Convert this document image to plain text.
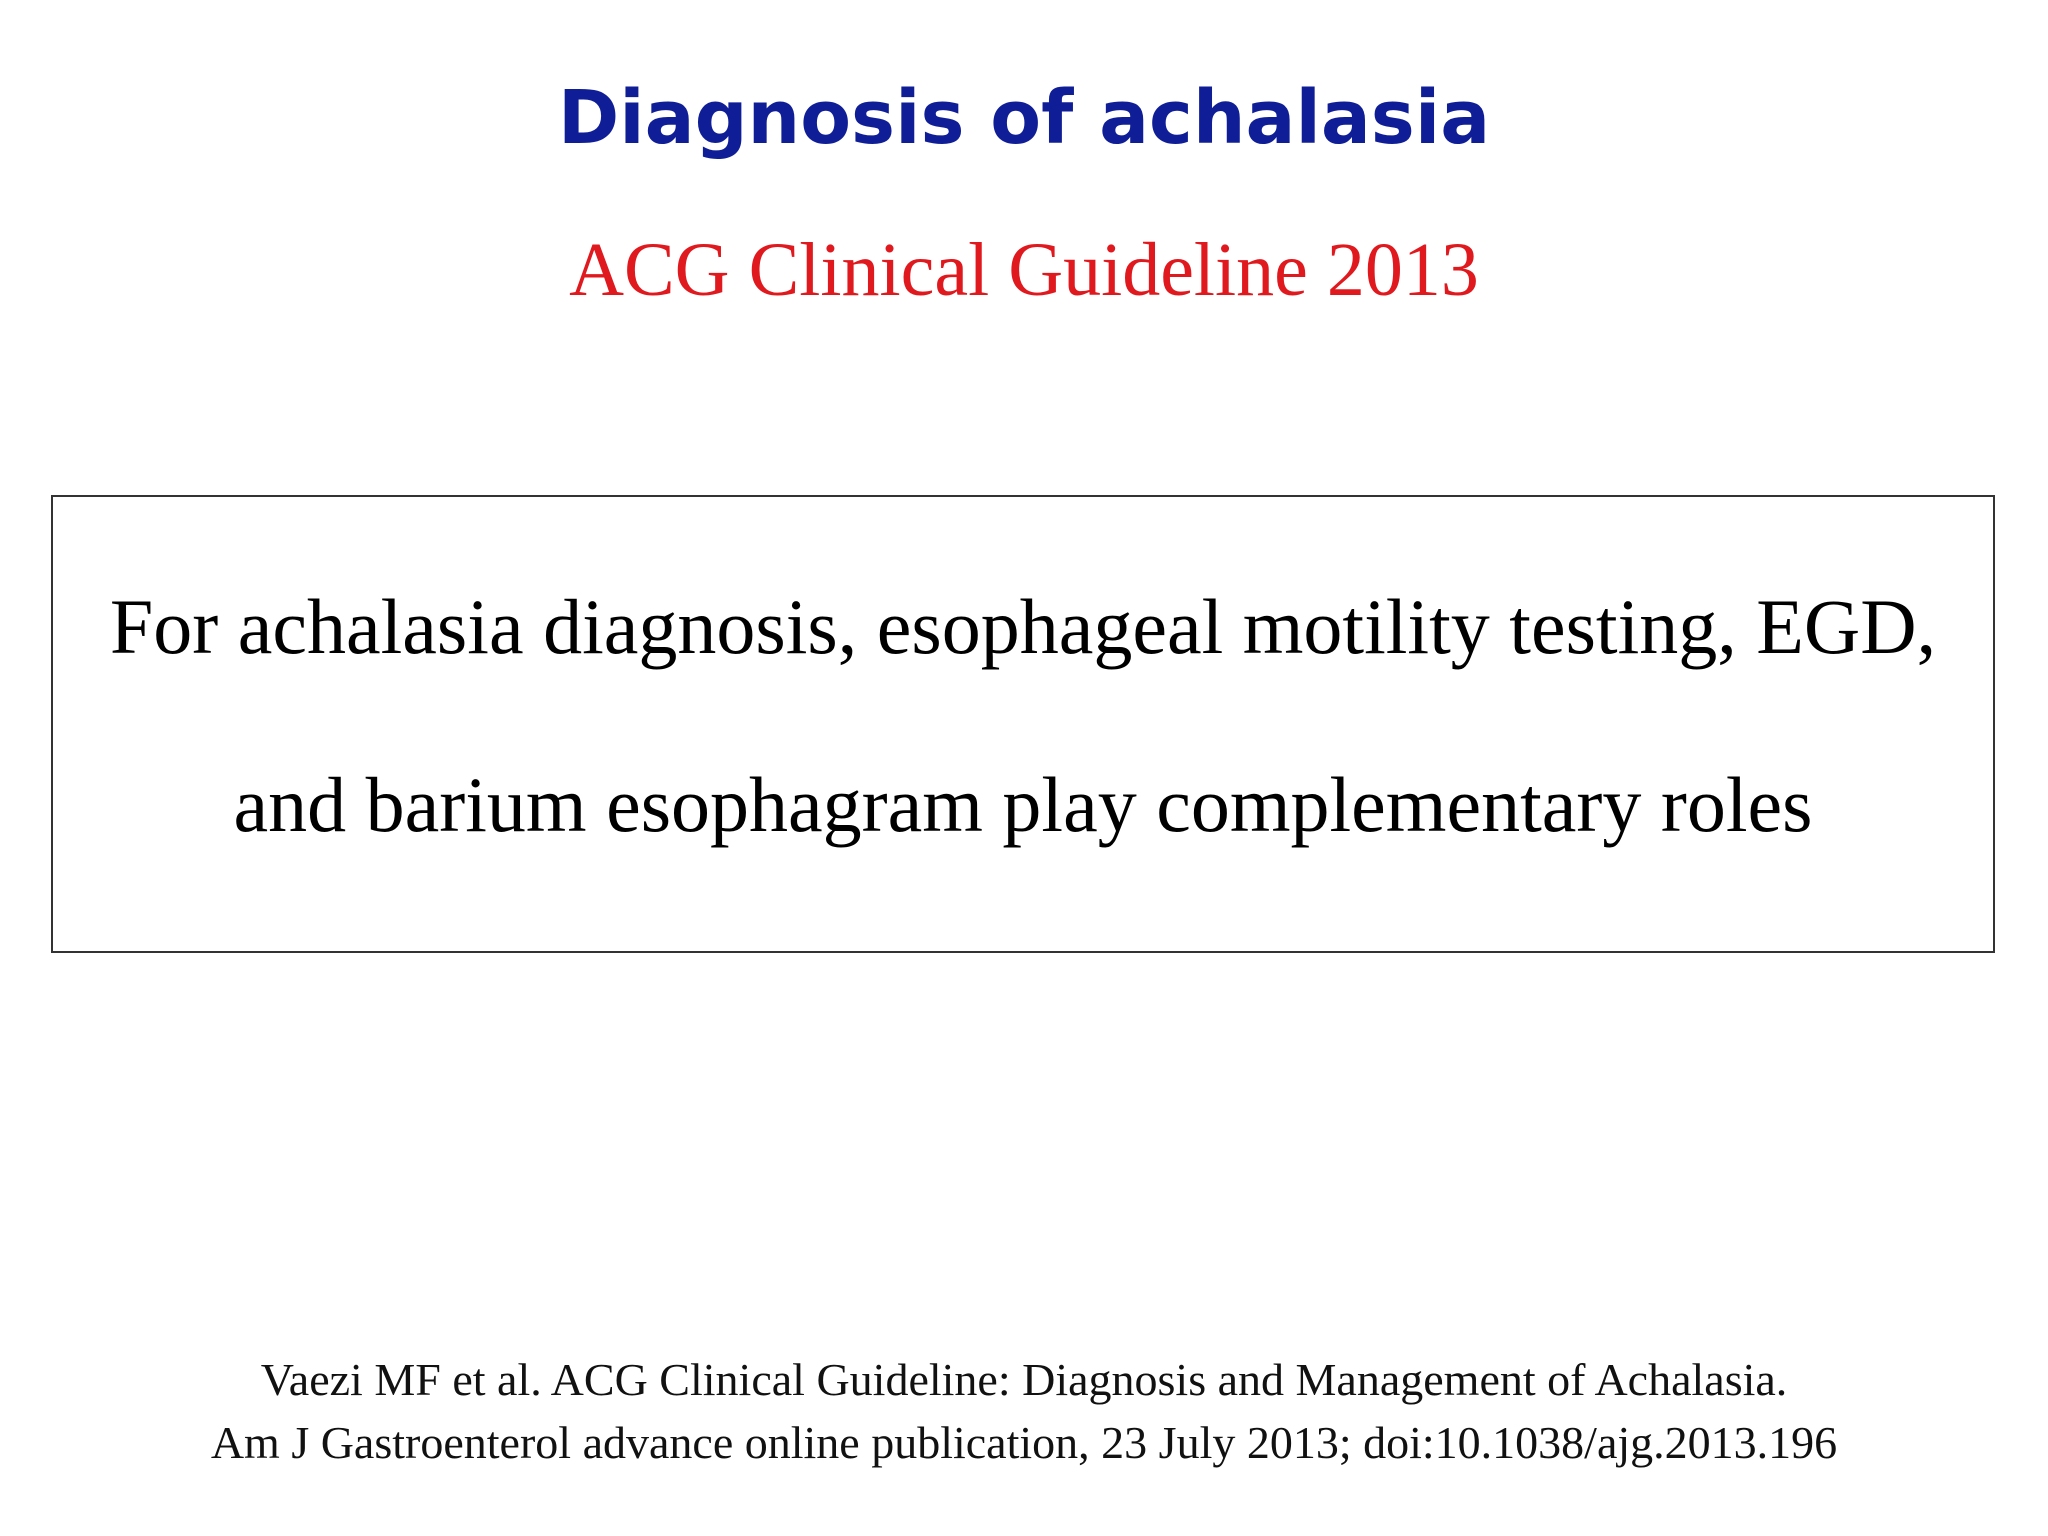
Diagnosis of achalasia
ACG Clinical Guideline 2013
For achalasia diagnosis, esophageal motility testing, EGD,
and barium esophagram play complementary roles
Vaezi MF et al. ACG Clinical Guideline: Diagnosis and Management of Achalasia.
Am J Gastroenterol advance online publication, 23 July 2013; doi:10.1038/ajg.2013.196
